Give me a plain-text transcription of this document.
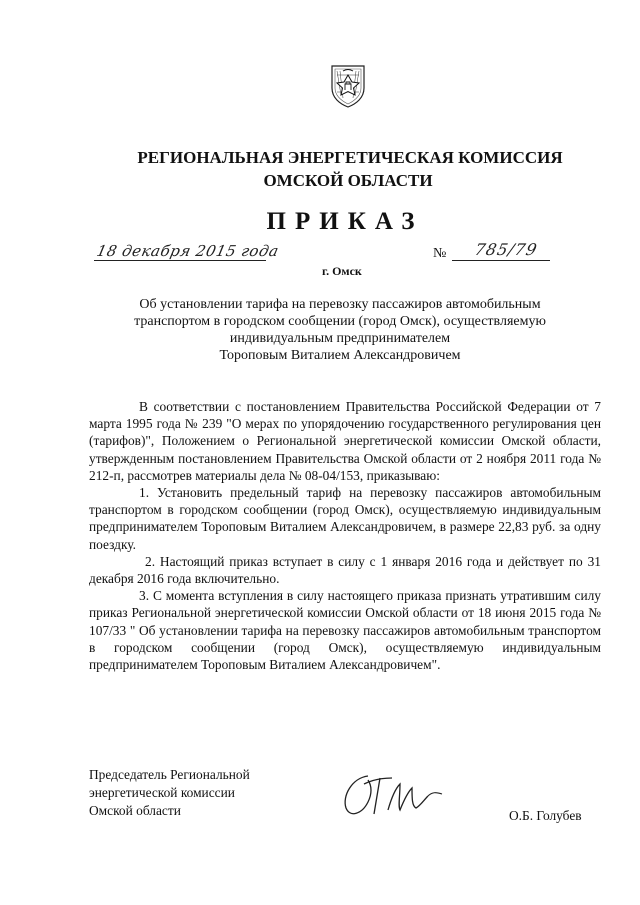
РЕГИОНАЛЬНАЯ ЭНЕРГЕТИЧЕСКАЯ КОМИССИЯ
ОМСКОЙ ОБЛАСТИ
ПРИКАЗ
18 декабря 2015 года	№ 785/79
г. Омск
Об установлении тарифа на перевозку пассажиров автомобильным
транспортом в городском сообщении (город Омск), осуществляемую
индивидуальным предпринимателем
Тороповым Виталием Александровичем

В соответствии с постановлением Правительства Российской Федерации от 7 марта 1995 года № 239 "О мерах по упорядочению государственного регулирования цен (тарифов)", Положением о Региональной энергетической комиссии Омской области, утвержденным постановлением Правительства Омской области от 2 ноября 2011 года № 212-п, рассмотрев материалы дела № 08-04/153, приказываю:

1. Установить предельный тариф на перевозку пассажиров автомобильным транспортом в городском сообщении (город Омск), осуществляемую индивидуальным предпринимателем Тороповым Виталием Александровичем, в размере 22,83 руб. за одну поездку.

2. Настоящий приказ вступает в силу с 1 января 2016 года и действует по 31 декабря 2016 года включительно.

3. С момента вступления в силу настоящего приказа признать утратившим силу приказ Региональной энергетической комиссии Омской области от 18 июня 2015 года № 107/33 " Об установлении тарифа на перевозку пассажиров автомобильным транспортом в городском сообщении (город Омск), осуществляемую индивидуальным предпринимателем Тороповым Виталием Александровичем".

Председатель Региональной
энергетической комиссии
Омской области	О.Б. Голубев
